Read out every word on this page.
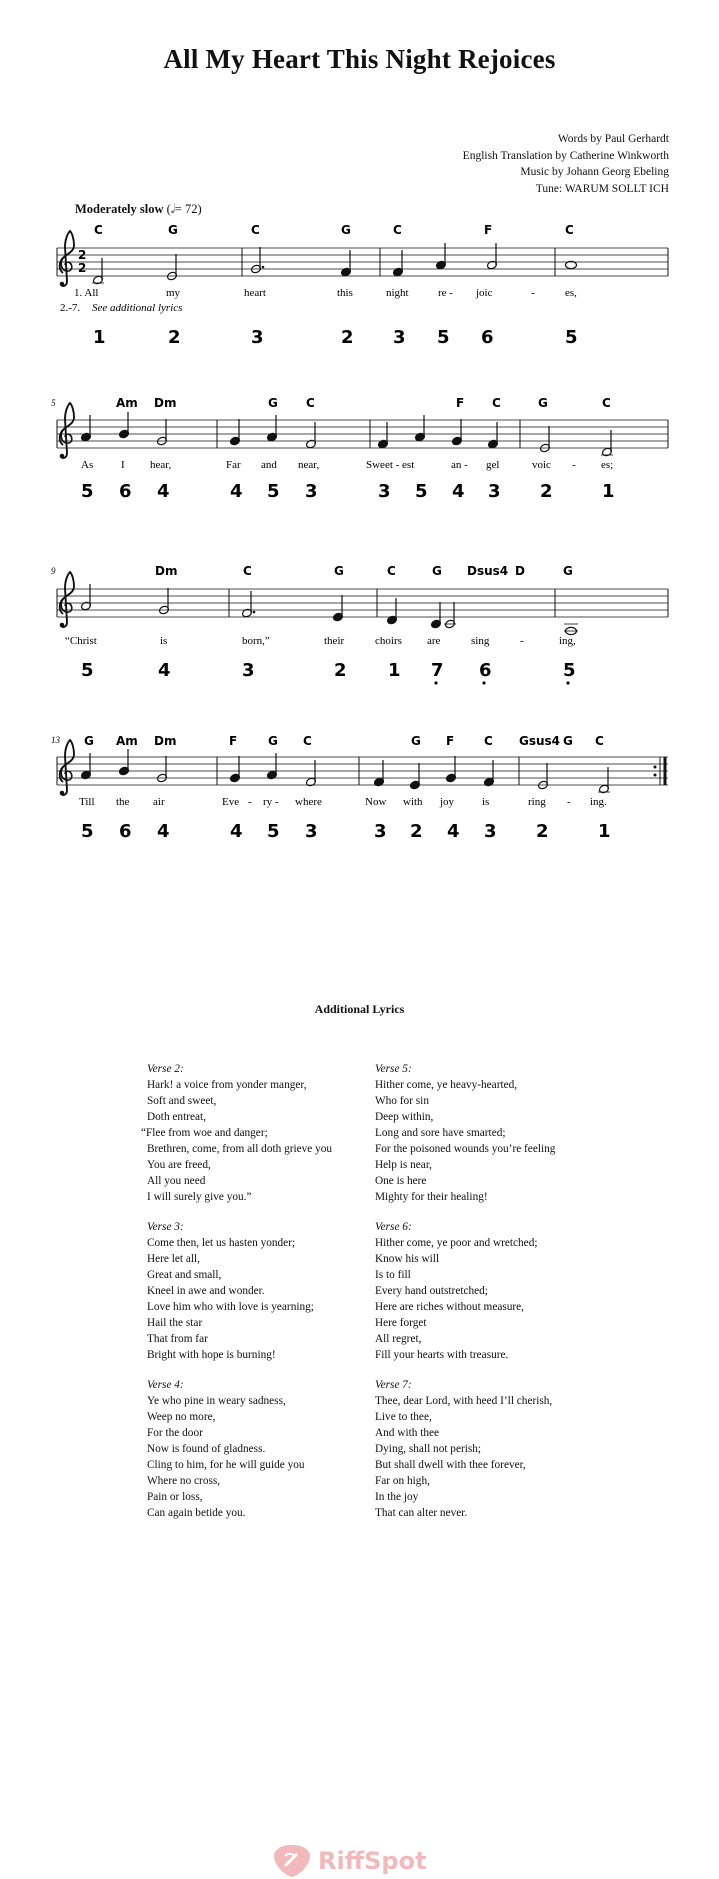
All My Heart This Night Rejoices
Words by Paul Gerhardt
English Translation by Catherine Winkworth
Music by Johann Georg Ebeling
Tune: WARUM SOLLT ICH
Moderately slow (𝅗𝅥= 72)
2
2
C	G	C	G	C	F	C
1. All	my	heart	this	night	re - joic	-	es,
2.-7. See additional lyrics
1	2	3	2 3 5 6	5
5	Am Dm	G C	F C	G	C
As	I hear,	Far and near,	Sweet - est	an - gel	voic - es;
5 6 4	4 5 3	3 5 4 3 2	1
9	Dm	C	G	C	G Dsus4 D	G
“Christ	is	born,”	their	choirs are	sing	-	ing,
5	4	3	2 1 7 6	5
13 G Am Dm	F	G C	G F C Gsus4 G C
Till the air	Eve - ry - where	Now with joy	is	ring - ing.
5 6 4	4 5 3	3 2 4 3 2	1
Additional Lyrics
Verse 2:
Hark! a voice from yonder manger,
Soft and sweet,
Doth entreat,
“Flee from woe and danger;
Brethren, come, from all doth grieve you
You are freed,
All you need
I will surely give you.”
Verse 3:
Come then, let us hasten yonder;
Here let all,
Great and small,
Kneel in awe and wonder.
Love him who with love is yearning;
Hail the star
That from far
Bright with hope is burning!
Verse 4:
Ye who pine in weary sadness,
Weep no more,
For the door
Now is found of gladness.
Cling to him, for he will guide you
Where no cross,
Pain or loss,
Can again betide you.
Verse 5:
Hither come, ye heavy-hearted,
Who for sin
Deep within,
Long and sore have smarted;
For the poisoned wounds you’re feeling
Help is near,
One is here
Mighty for their healing!
Verse 6:
Hither come, ye poor and wretched;
Know his will
Is to fill
Every hand outstretched;
Here are riches without measure,
Here forget
All regret,
Fill your hearts with treasure.
Verse 7:
Thee, dear Lord, with heed I’ll cherish,
Live to thee,
And with thee
Dying, shall not perish;
But shall dwell with thee forever,
Far on high,
In the joy
That can alter never.
RiffSpot
